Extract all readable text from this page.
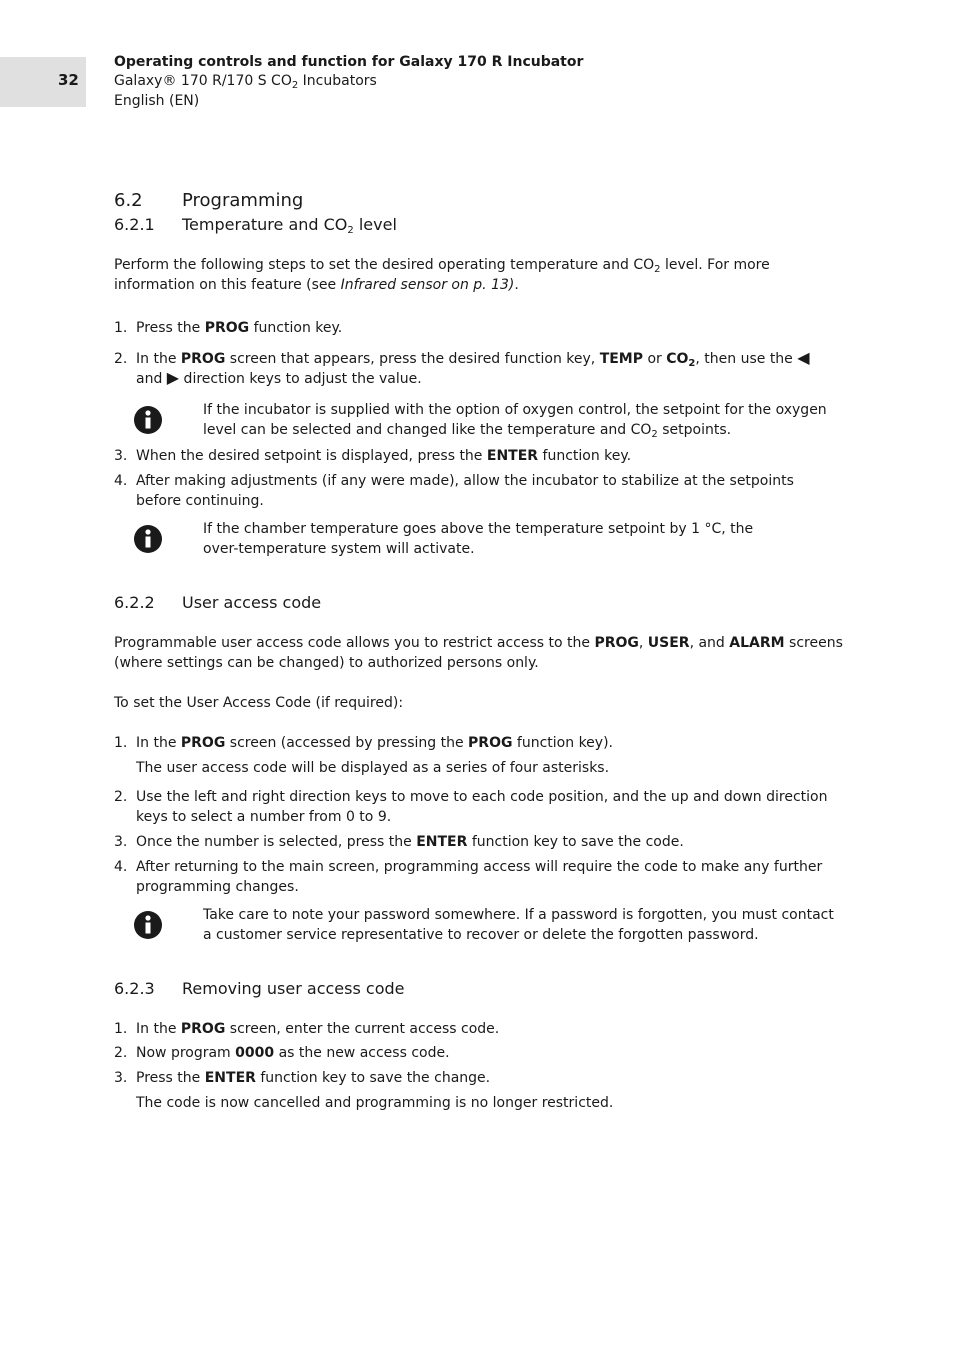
32
Operating controls and function for Galaxy 170 R Incubator
Galaxy® 170 R/170 S $CO_2$ Incubators
English (EN)
6.2 Programming
6.2.1 Temperature and $CO_2$ level
Perform the following steps to set the desired operating temperature and $CO_2$ level. For more information on this feature (see Infrared sensor on p. 13).
1. Press the PROG function key.
2. In the PROG screen that appears, press the desired function key, TEMP or $CO_2$, then use the ◀ and ▶ direction keys to adjust the value.
If the incubator is supplied with the option of oxygen control, the setpoint for the oxygen level can be selected and changed like the temperature and $CO_2$ setpoints.
3. When the desired setpoint is displayed, press the ENTER function key.
4. After making adjustments (if any were made), allow the incubator to stabilize at the setpoints before continuing.
If the chamber temperature goes above the temperature setpoint by 1 °C, the
over-temperature system will activate.
6.2.2 User access code
Programmable user access code allows you to restrict access to the PROG, USER, and ALARM screens (where settings can be changed) to authorized persons only.
To set the User Access Code (if required):
1. In the PROG screen (accessed by pressing the PROG function key).
The user access code will be displayed as a series of four asterisks.
2. Use the left and right direction keys to move to each code position, and the up and down direction keys to select a number from 0 to 9.
3. Once the number is selected, press the ENTER function key to save the code.
4. After returning to the main screen, programming access will require the code to make any further programming changes.
Take care to note your password somewhere. If a password is forgotten, you must contact a customer service representative to recover or delete the forgotten password.
6.2.3 Removing user access code
1. In the PROG screen, enter the current access code.
2. Now program 0000 as the new access code.
3. Press the ENTER function key to save the change.
The code is now cancelled and programming is no longer restricted.
